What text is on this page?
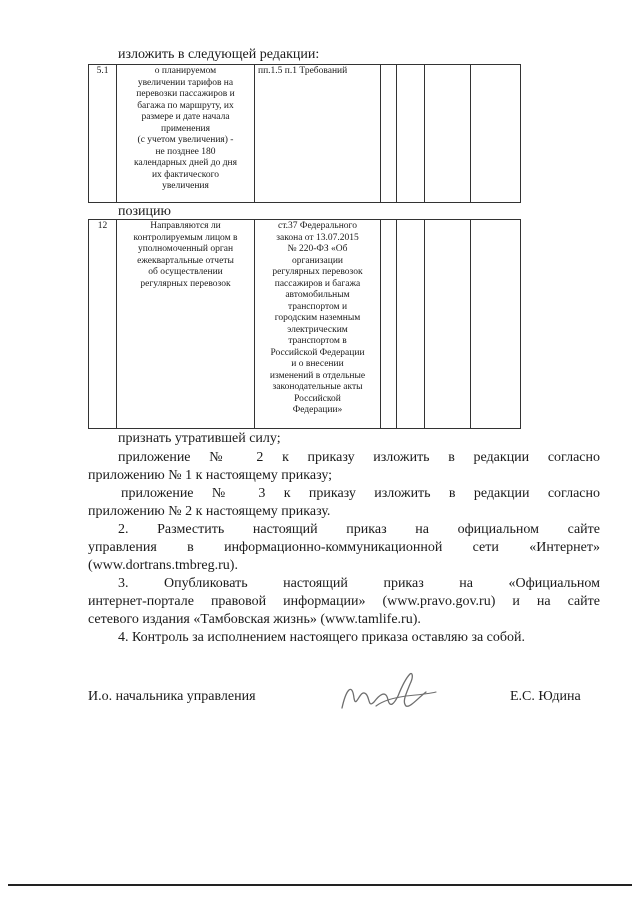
изложить в следующей редакции:
5.1	о планируемом
увеличении тарифов на
перевозки пассажиров и
багажа по маршруту, их
размере и дате начала
применения
(с учетом увеличения) -
не позднее 180
календарных дней до дня
их фактического
увеличения	пп.1.5 п.1 Требований				
позицию
12	Направляются ли
контролируемым лицом в
уполномоченный орган
ежеквартальные отчеты
об осуществлении
регулярных перевозок	ст.37 Федерального
закона от 13.07.2015
№ 220-ФЗ «Об
организации
регулярных перевозок
пассажиров и багажа
автомобильным
транспортом и
городским наземным
электрическим
транспортом в
Российской Федерации
и о внесении
изменений в отдельные
законодательные акты
Российской
Федерации»				
признать утратившей силу;
приложение № 2 к приказу изложить в редакции согласно
приложению № 1 к настоящему приказу;
приложение № 3 к приказу изложить в редакции согласно
приложению № 2 к настоящему приказу.
2. Разместить настоящий приказ на официальном сайте
управления в информационно-коммуникационной сети «Интернет»
(www.dortrans.tmbreg.ru).
3. Опубликовать настоящий приказ на «Официальном
интернет-портале правовой информации» (www.pravo.gov.ru) и на сайте
сетевого издания «Тамбовская жизнь» (www.tamlife.ru).
4. Контроль за исполнением настоящего приказа оставляю за собой.
И.о. начальника управления	Е.С. Юдина
